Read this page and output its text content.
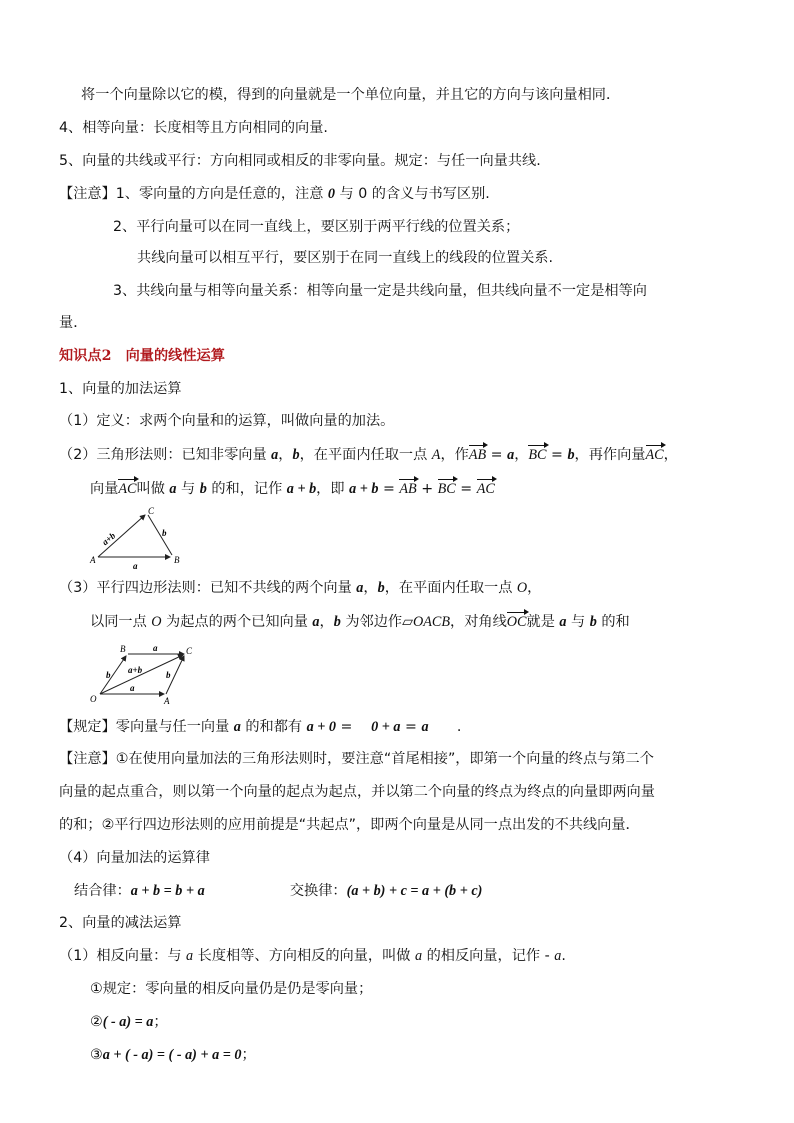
将一个向量除以它的模，得到的向量就是一个单位向量，并且它的方向与该向量相同．
4、相等向量：长度相等且方向相同的向量.
5、向量的共线或平行：方向相同或相反的非零向量。规定：与任一向量共线.
【注意】1、零向量的方向是任意的，注意 0 与 0 的含义与书写区别.
2、平行向量可以在同一直线上，要区别于两平行线的位置关系；
共线向量可以相互平行，要区别于在同一直线上的线段的位置关系.
3、共线向量与相等向量关系：相等向量一定是共线向量，但共线向量不一定是相等向
量．
知识点2　向量的线性运算
1、向量的加法运算
（1）定义：求两个向量和的运算，叫做向量的加法。
（2）三角形法则：已知非零向量 a，b，在平面内任取一点 A，作AB = a，BC = b，再作向量AC，
向量AC叫做 a 与 b 的和，记作 a + b，即 a + b = AB + BC = AC
A	B
C
a+b
a
b
（3）平行四边形法则：已知不共线的两个向量 a，b，在平面内任取一点 O，
以同一点 O 为起点的两个已知向量 a，b 为邻边作▱OACB，对角线OC就是 a 与 b 的和
O	A
B	C
a+b
a
a
b	b
【规定】零向量与任一向量 a 的和都有 a + 0 = 　0 + a = a　　.
【注意】①在使用向量加法的三角形法则时，要注意“首尾相接”，即第一个向量的终点与第二个
向量的起点重合，则以第一个向量的起点为起点，并以第二个向量的终点为终点的向量即两向量
的和；②平行四边形法则的应用前提是“共起点”，即两个向量是从同一点出发的不共线向量．
（4）向量加法的运算律
结合律：a + b = b + a　　　　　　	交换律：(a + b) + c = a + (b + c)
2、向量的减法运算
（1）相反向量：与 a 长度相等、方向相反的向量，叫做 a 的相反向量，记作 - a.
①规定：零向量的相反向量仍是仍是零向量；
②( - a) = a；
③a + ( - a) = ( - a) + a = 0；
